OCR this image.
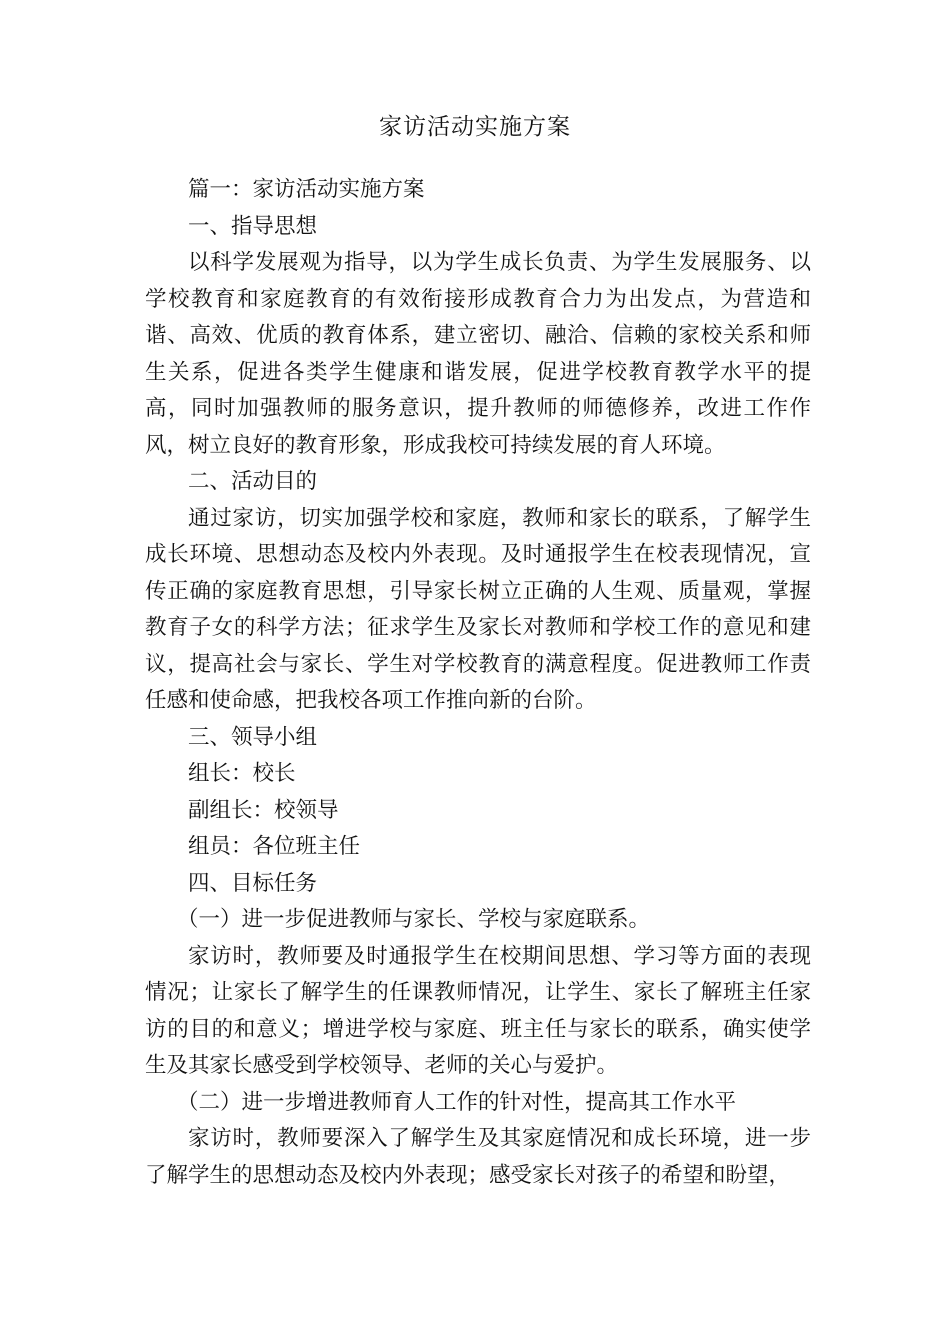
家访活动实施方案

篇一：家访活动实施方案

一、指导思想

以科学发展观为指导，以为学生成长负责、为学生发展服务、以学校教育和家庭教育的有效衔接形成教育合力为出发点，为营造和谐、高效、优质的教育体系，建立密切、融洽、信赖的家校关系和师生关系，促进各类学生健康和谐发展，促进学校教育教学水平的提高，同时加强教师的服务意识，提升教师的师德修养，改进工作作风，树立良好的教育形象，形成我校可持续发展的育人环境。

二、活动目的

通过家访，切实加强学校和家庭，教师和家长的联系，了解学生成长环境、思想动态及校内外表现。及时通报学生在校表现情况，宣传正确的家庭教育思想，引导家长树立正确的人生观、质量观，掌握教育子女的科学方法；征求学生及家长对教师和学校工作的意见和建议，提高社会与家长、学生对学校教育的满意程度。促进教师工作责任感和使命感，把我校各项工作推向新的台阶。

三、领导小组

组长：校长

副组长：校领导

组员：各位班主任

四、目标任务

（一）进一步促进教师与家长、学校与家庭联系。

家访时，教师要及时通报学生在校期间思想、学习等方面的表现情况；让家长了解学生的任课教师情况，让学生、家长了解班主任家访的目的和意义；增进学校与家庭、班主任与家长的联系，确实使学生及其家长感受到学校领导、老师的关心与爱护。

（二）进一步增进教师育人工作的针对性，提高其工作水平

家访时，教师要深入了解学生及其家庭情况和成长环境，进一步了解学生的思想动态及校内外表现；感受家长对孩子的希望和盼望，
